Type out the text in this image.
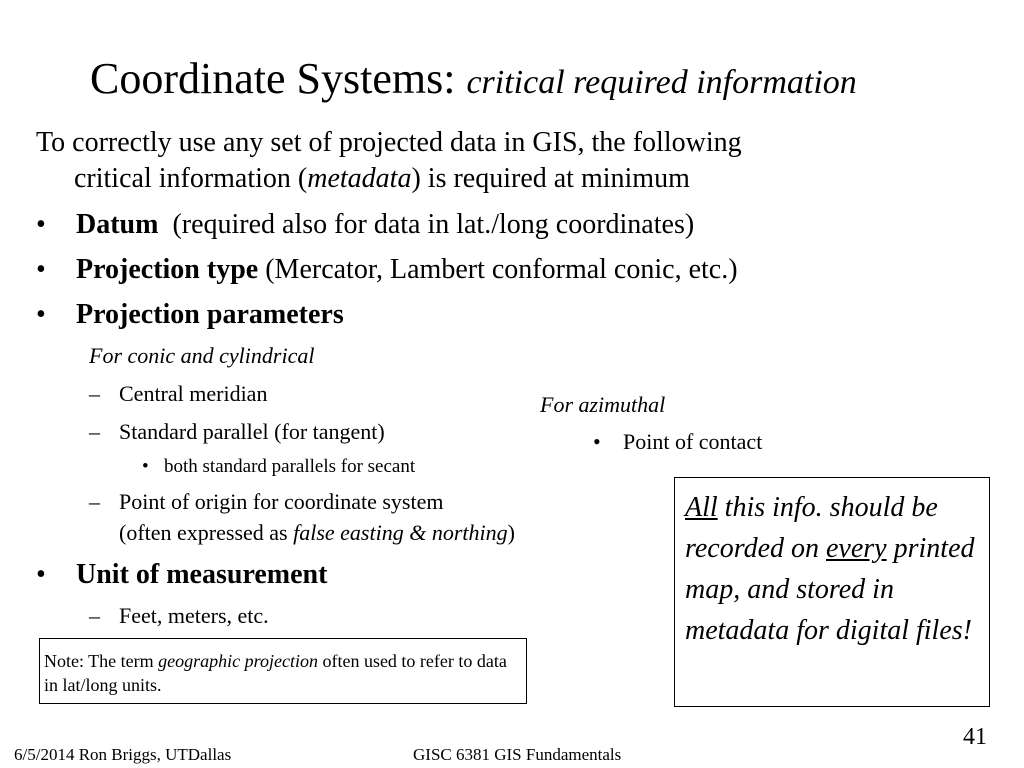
Coordinate Systems: critical required information
To correctly use any set of projected data in GIS, the following
critical information (metadata) is required at minimum
• Datum (required also for data in lat./long coordinates)
• Projection type (Mercator, Lambert conformal conic, etc.)
• Projection parameters
For conic and cylindrical
– Central meridian
– Standard parallel (for tangent)
• both standard parallels for secant
– Point of origin for coordinate system
(often expressed as false easting & northing)
• Unit of measurement
– Feet, meters, etc.
For azimuthal
• Point of contact
Note: The term geographic projection often used to refer to data in lat/long units.
All this info. should be recorded on every printed map, and stored in metadata for digital files!
6/5/2014 Ron Briggs, UTDallas	GISC 6381 GIS Fundamentals
41
